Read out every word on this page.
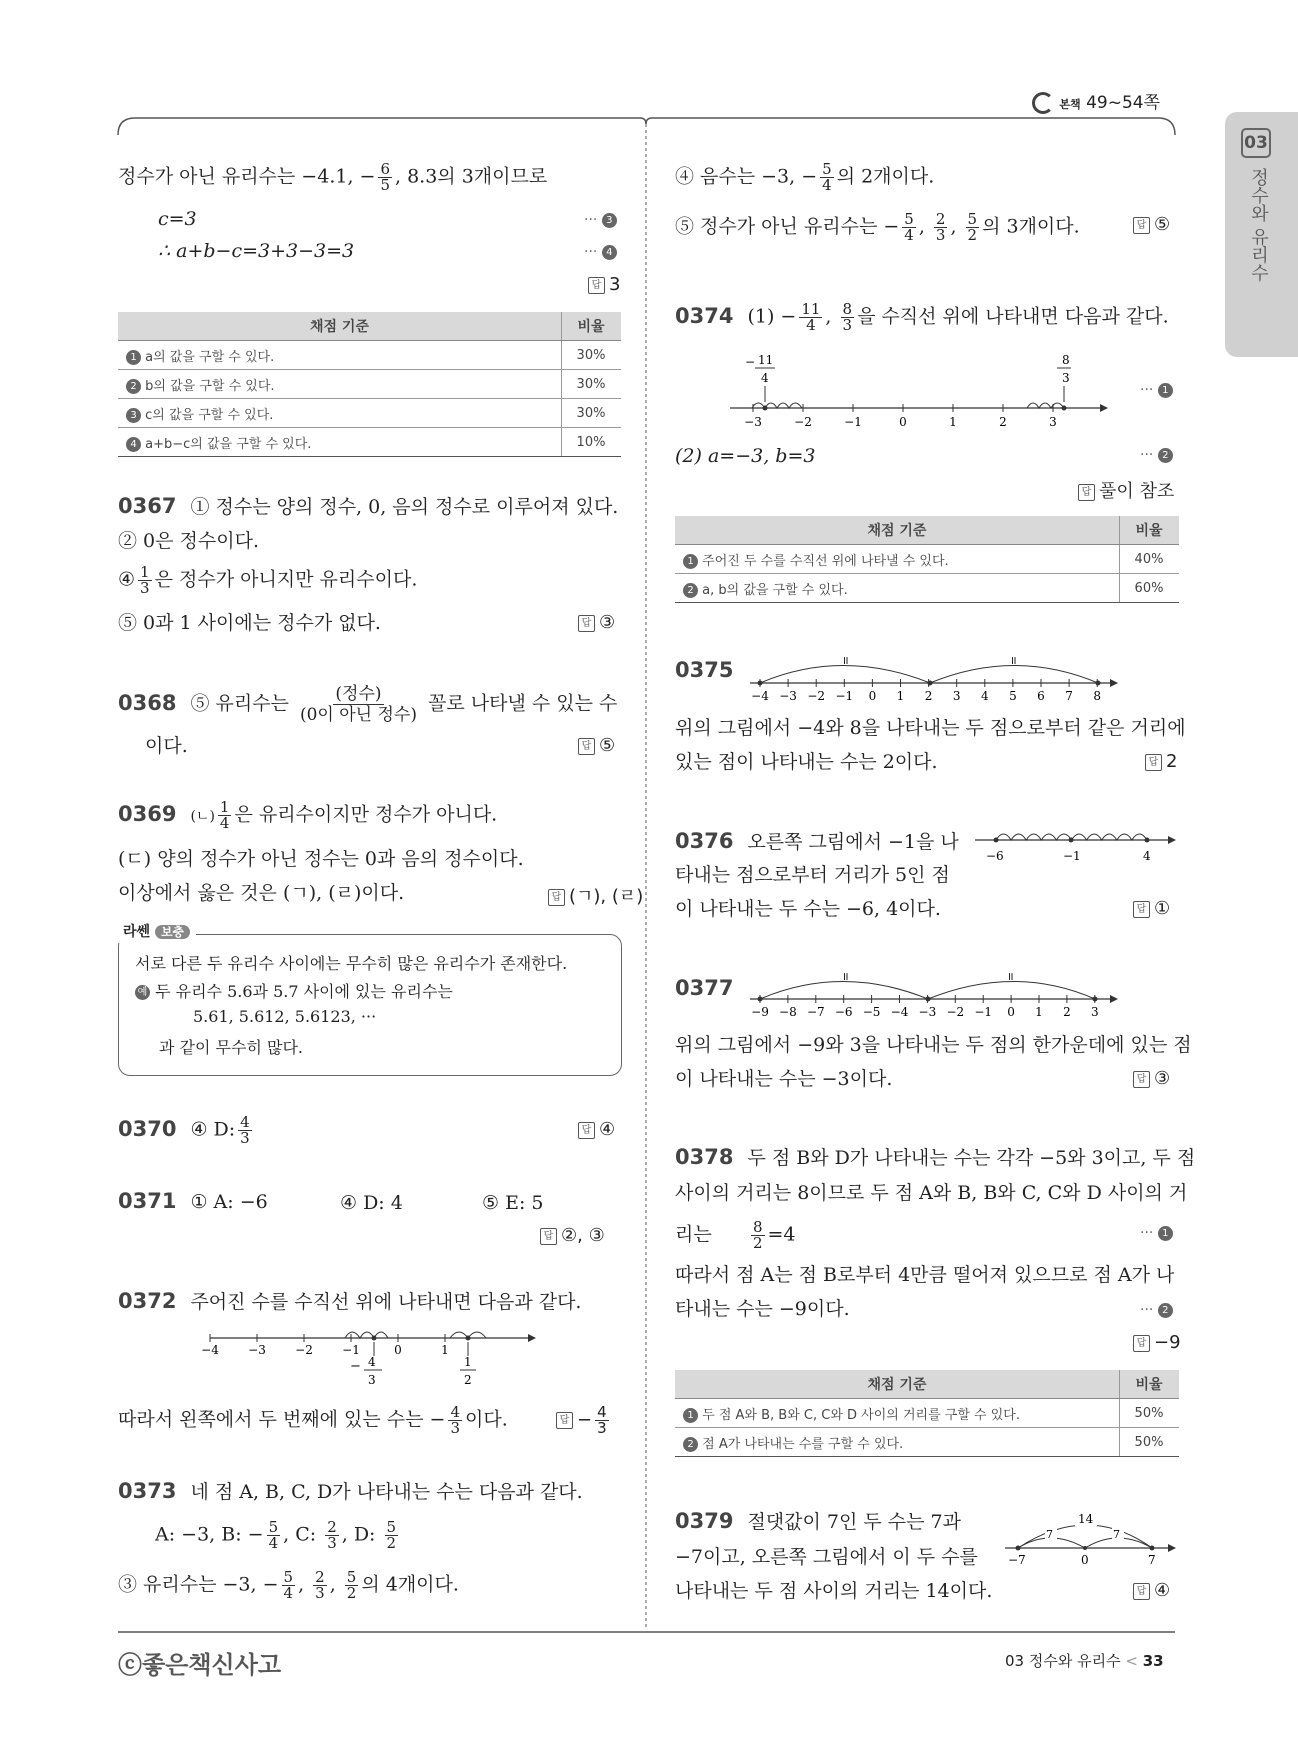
본책 49~54쪽
03
정수와 유리수
정수가 아닌 유리수는 −4.1, − $\frac{6}{5}$ , 8.3의 3개이므로
c=3
∴ a+b−c=3+3−3=3
··· 3
··· 4
답 3
채점 기준	비율
1 a의 값을 구할 수 있다.	30%
2 b의 값을 구할 수 있다.	30%
3 c의 값을 구할 수 있다.	30%
4 a+b−c의 값을 구할 수 있다.	10%
0367 ① 정수는 양의 정수, 0, 음의 정수로 이루어져 있다.
② 0은 정수이다.
④ $\frac{1}{3}$ 은 정수가 아니지만 유리수이다.
⑤ 0과 1 사이에는 정수가 없다.	답 ③
0368 ⑤ 유리수는 $\frac{\text{(정수)}}{\text{(0이 아닌 정수)}}$ 꼴로 나타낼 수 있는 수
이다.	답 ⑤
0369 (ㄴ) $\frac{1}{4}$ 은 유리수이지만 정수가 아니다.
(ㄷ) 양의 정수가 아닌 정수는 0과 음의 정수이다.
이상에서 옳은 것은 (ㄱ), (ㄹ)이다.	답 (ㄱ), (ㄹ)
라쎈 보충
서로 다른 두 유리수 사이에는 무수히 많은 유리수가 존재한다.
예 두 유리수 5.6과 5.7 사이에 있는 유리수는
5.61, 5.612, 5.6123, ···
과 같이 무수히 많다.
0370 ④ D: $\frac{4}{3}$	답 ④
0371 ① A: −6	④ D: 4	⑤ E: 5
답 ②, ③
0372 주어진 수를 수직선 위에 나타내면 다음과 같다.
−4 −3 −2 −1	0	1
− 4
3
1
2
따라서 왼쪽에서 두 번째에 있는 수는 − $\frac{4}{3}$ 이다.	답 − $\frac{4}{3}$
0373 네 점 A, B, C, D가 나타내는 수는 다음과 같다.
A: −3, B: − $\frac{5}{4}$ , C: $\frac{2}{3}$ , D: $\frac{5}{2}$
③ 유리수는 −3, − $\frac{5}{4}$ , $\frac{2}{3}$ , $\frac{5}{2}$ 의 4개이다.
④ 음수는 −3, − $\frac{5}{4}$ 의 2개이다.
⑤ 정수가 아닌 유리수는 − $\frac{5}{4}$ , $\frac{2}{3}$ , $\frac{5}{2}$ 의 3개이다.	답 ⑤
0374 $(1) - \frac{11}{4}$ , $\frac{8}{3}$ 을 수직선 위에 나타내면 다음과 같다.
− 11
4
8
3
−3	−2	−1	0	1	2	3
··· 1
(2) a=−3, b=3	··· 2
답 풀이 참조
채점 기준	비율
1 주어진 두 수를 수직선 위에 나타낼 수 있다.	40%
2 a, b의 값을 구할 수 있다.	60%
0375	॥	॥
−4 −3 −2 −1 0 1 2 3 4 5 6 7 8
위의 그림에서 −4와 8을 나타내는 두 점으로부터 같은 거리에
있는 점이 나타내는 수는 2이다.	답 2
0376 오른쪽 그림에서 −1을 나
타내는 점으로부터 거리가 5인 점
이 나타내는 두 수는 −6, 4이다.
−6	−1	4
답 ①
0377	॥	॥
−9 −8 −7 −6 −5 −4 −3 −2 −1 0 1 2 3
위의 그림에서 −9와 3을 나타내는 두 점의 한가운데에 있는 점
이 나타내는 수는 −3이다.	답 ③
0378 두 점 B와 D가 나타내는 수는 각각 −5와 3이고, 두 점
사이의 거리는 8이므로 두 점 A와 B, B와 C, C와 D 사이의 거
리는	$\frac{8}{2} =4$	··· 1
따라서 점 A는 점 B로부터 4만큼 떨어져 있으므로 점 A가 나
타내는 수는 −9이다.	··· 2
답 −9
채점 기준	비율
1 두 점 A와 B, B와 C, C와 D 사이의 거리를 구할 수 있다.	50%
2 점 A가 나타내는 수를 구할 수 있다.	50%
0379 절댓값이 7인 두 수는 7과
−7이고, 오른쪽 그림에서 이 두 수를
나타내는 두 점 사이의 거리는 14이다.
14
7	7
−7	0	7
답 ④
ⓒ좋은책신사고	03 정수와 유리수 < 33
